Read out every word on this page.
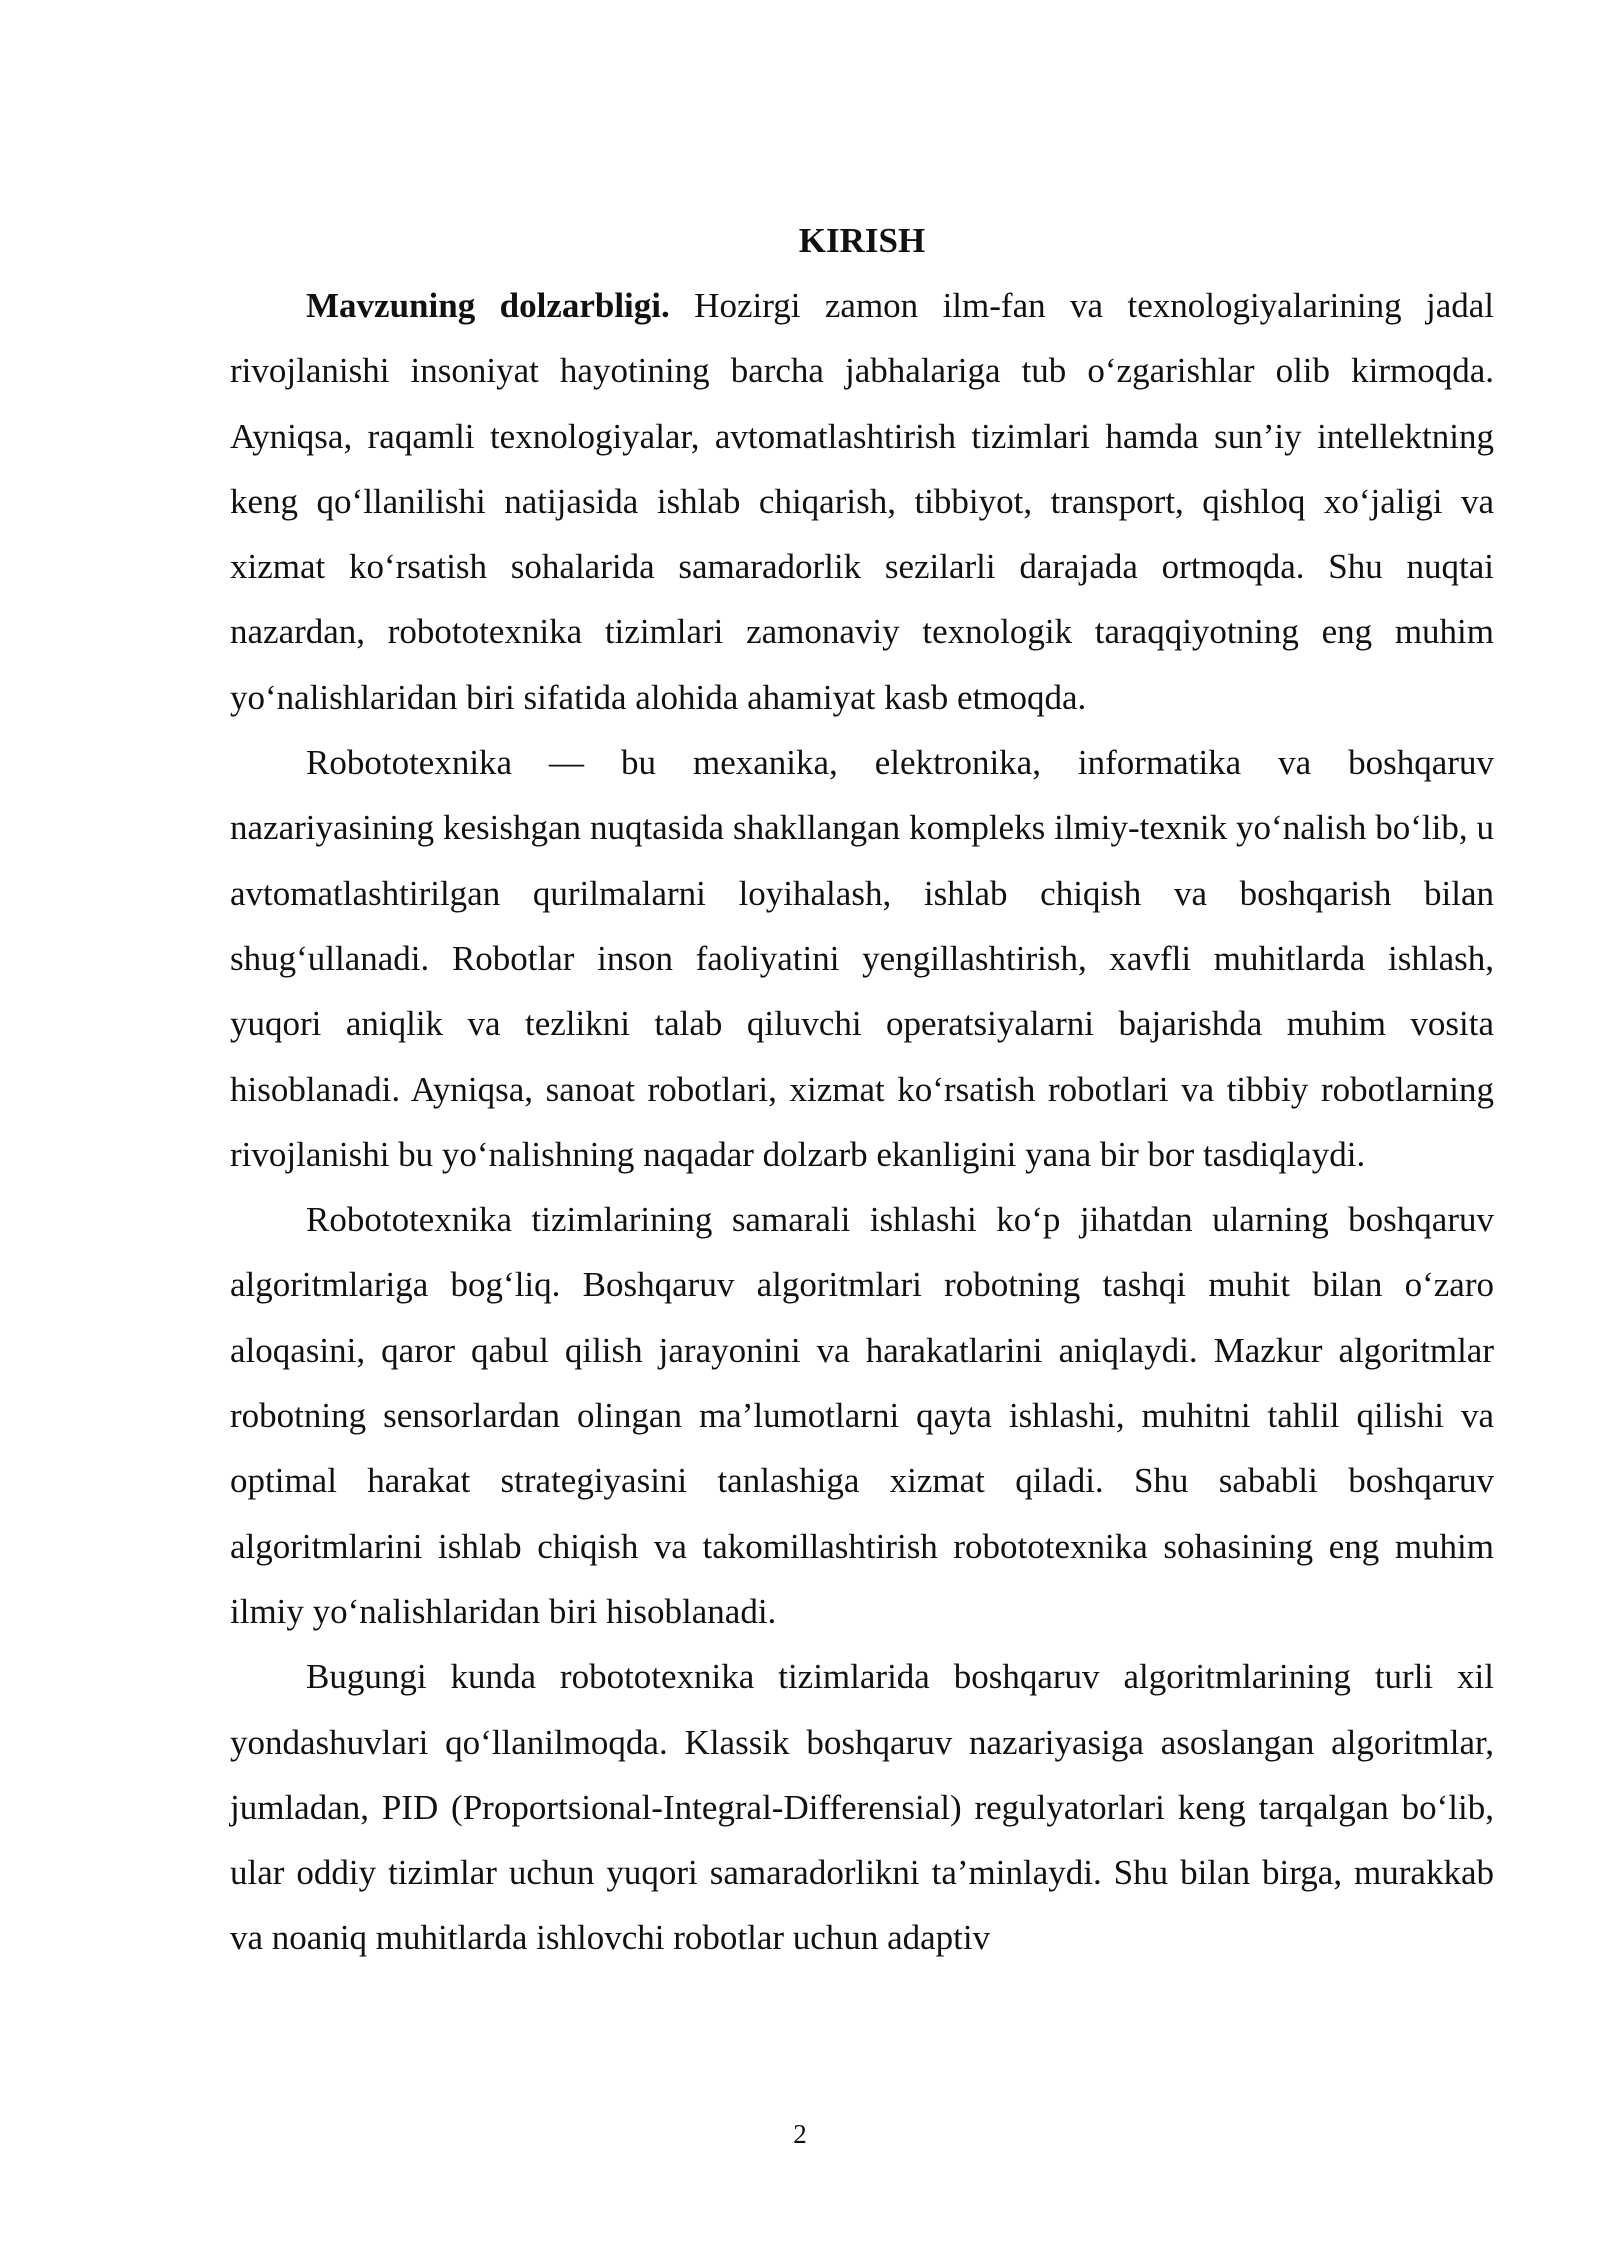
KIRISH

Mavzuning dolzarbligi. Hozirgi zamon ilm-fan va texnologiyalarining jadal rivojlanishi insoniyat hayotining barcha jabhalariga tub o‘zgarishlar olib kirmoqda. Ayniqsa, raqamli texnologiyalar, avtomatlashtirish tizimlari hamda sun’iy intellektning keng qo‘llanilishi natijasida ishlab chiqarish, tibbiyot, transport, qishloq xo‘jaligi va xizmat ko‘rsatish sohalarida samaradorlik sezilarli darajada ortmoqda. Shu nuqtai nazardan, robototexnika tizimlari zamonaviy texnologik taraqqiyotning eng muhim yo‘nalishlaridan biri sifatida alohida ahamiyat kasb etmoqda.

Robototexnika — bu mexanika, elektronika, informatika va boshqaruv nazariyasining kesishgan nuqtasida shakllangan kompleks ilmiy-texnik yo‘nalish bo‘lib, u avtomatlashtirilgan qurilmalarni loyihalash, ishlab chiqish va boshqarish bilan shug‘ullanadi. Robotlar inson faoliyatini yengillashtirish, xavfli muhitlarda ishlash, yuqori aniqlik va tezlikni talab qiluvchi operatsiyalarni bajarishda muhim vosita hisoblanadi. Ayniqsa, sanoat robotlari, xizmat ko‘rsatish robotlari va tibbiy robotlarning rivojlanishi bu yo‘nalishning naqadar dolzarb ekanligini yana bir bor tasdiqlaydi.

Robototexnika tizimlarining samarali ishlashi ko‘p jihatdan ularning boshqaruv algoritmlariga bog‘liq. Boshqaruv algoritmlari robotning tashqi muhit bilan o‘zaro aloqasini, qaror qabul qilish jarayonini va harakatlarini aniqlaydi. Mazkur algoritmlar robotning sensorlardan olingan ma’lumotlarni qayta ishlashi, muhitni tahlil qilishi va optimal harakat strategiyasini tanlashiga xizmat qiladi. Shu sababli boshqaruv algoritmlarini ishlab chiqish va takomillashtirish robototexnika sohasining eng muhim ilmiy yo‘nalishlaridan biri hisoblanadi.

Bugungi kunda robototexnika tizimlarida boshqaruv algoritmlarining turli xil yondashuvlari qo‘llanilmoqda. Klassik boshqaruv nazariyasiga asoslangan algoritmlar, jumladan, PID (Proportsional-Integral-Differensial) regulyatorlari keng tarqalgan bo‘lib, ular oddiy tizimlar uchun yuqori samaradorlikni ta’minlaydi. Shu bilan birga, murakkab va noaniq muhitlarda ishlovchi robotlar uchun adaptiv

2
